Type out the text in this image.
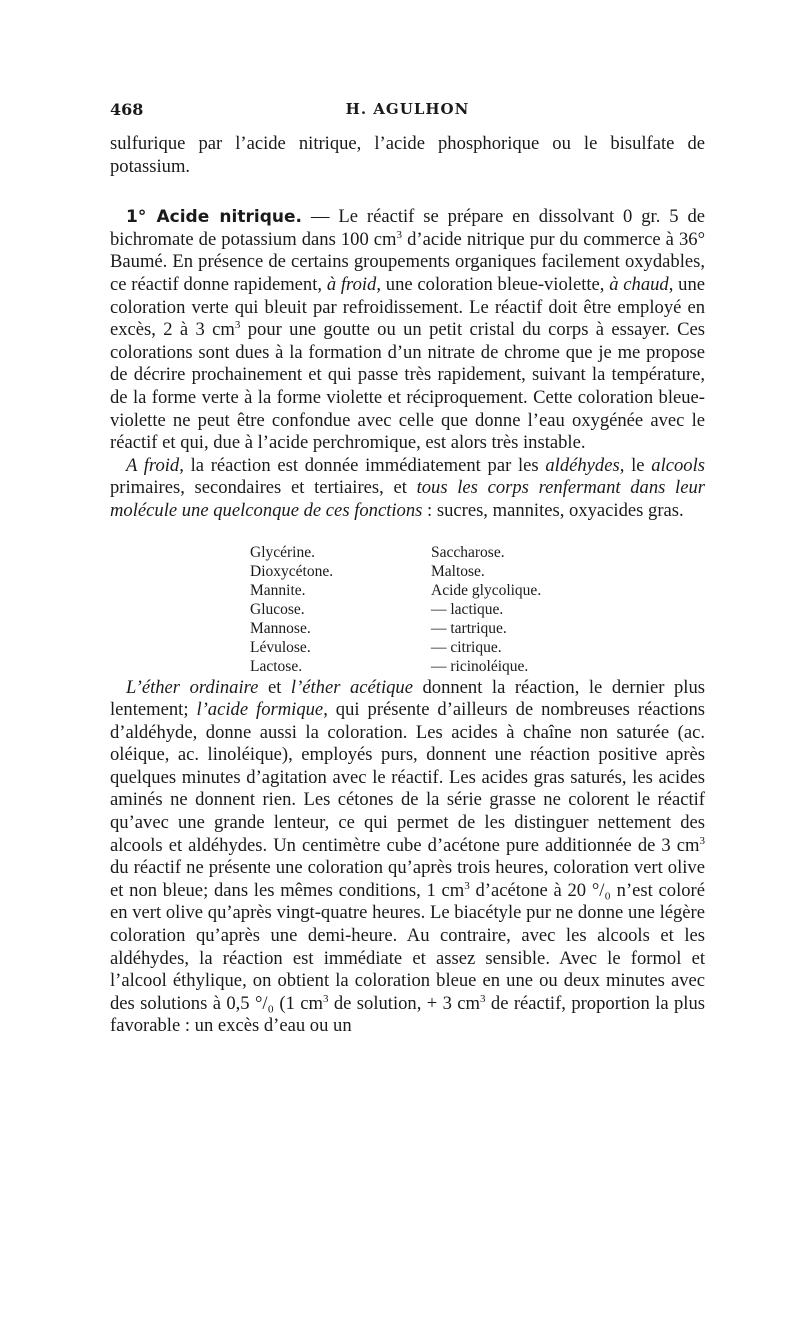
468	H. AGULHON

sulfurique par l’acide nitrique, l’acide phosphorique ou le bisulfate de potassium.

1° Acide nitrique. — Le réactif se prépare en dissolvant 0 gr. 5 de bichromate de potassium dans 100 $cm^3$ d’acide nitrique pur du commerce à 36° Baumé. En présence de certains groupements organiques facilement oxydables, ce réactif donne rapidement, à froid, une coloration bleue-violette, à chaud, une coloration verte qui bleuit par refroidissement. Le réactif doit être employé en excès, 2 à 3 $cm^3$ pour une goutte ou un petit cristal du corps à essayer. Ces colorations sont dues à la formation d’un nitrate de chrome que je me propose de décrire prochainement et qui passe très rapidement, suivant la température, de la forme verte à la forme violette et réciproquement. Cette coloration bleue-violette ne peut être confondue avec celle que donne l’eau oxygénée avec le réactif et qui, due à l’acide perchromique, est alors très instable.

A froid, la réaction est donnée immédiatement par les aldéhydes, le alcools primaires, secondaires et tertiaires, et tous les corps renfermant dans leur molécule une quelconque de ces fonctions : sucres, mannites, oxyacides gras.

Glycérine.
Dioxycétone.
Mannite.
Glucose.
Mannose.
Lévulose.
Lactose.
Saccharose.
Maltose.
Acide glycolique.
— lactique.
— tartrique.
— citrique.
— ricinoléique.

L’éther ordinaire et l’éther acétique donnent la réaction, le dernier plus lentement; l’acide formique, qui présente d’ailleurs de nombreuses réactions d’aldéhyde, donne aussi la coloration. Les acides à chaîne non saturée (ac. oléique, ac. linoléique), employés purs, donnent une réaction positive après quelques minutes d’agitation avec le réactif. Les acides gras saturés, les acides aminés ne donnent rien. Les cétones de la série grasse ne colorent le réactif qu’avec une grande lenteur, ce qui permet de les distinguer nettement des alcools et aldéhydes. Un centimètre cube d’acétone pure additionnée de 3 $cm^3$ du réactif ne présente une coloration qu’après trois heures, coloration vert olive et non bleue; dans les mêmes conditions, 1 $cm^3$ d’acétone à 20 °/₀ n’est coloré en vert olive qu’après vingt-quatre heures. Le biacétyle pur ne donne une légère coloration qu’après une demi-heure. Au contraire, avec les alcools et les aldéhydes, la réaction est immédiate et assez sensible. Avec le formol et l’alcool éthylique, on obtient la coloration bleue en une ou deux minutes avec des solutions à 0,5 °/₀ (1 $cm^3$ de solution, + 3 $cm^3$ de réactif, proportion la plus favorable : un excès d’eau ou un
